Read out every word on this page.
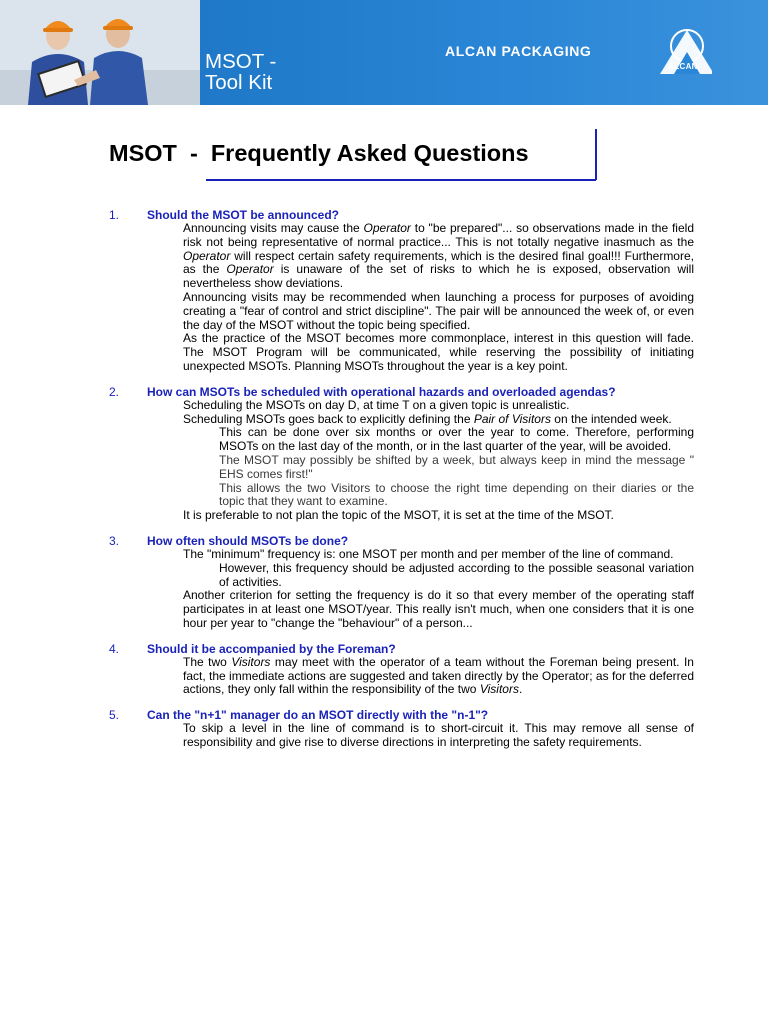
MSOT -
Tool Kit
ALCAN PACKAGING
ALCAN
MSOT  -  Frequently Asked Questions
1. Should the MSOT be announced?
Announcing visits may cause the Operator to "be prepared"... so observations made in the field risk not being representative of normal practice... This is not totally negative inasmuch as the Operator will respect certain safety requirements, which is the desired final goal!!! Furthermore, as the Operator is unaware of the set of risks to which he is exposed, observation will nevertheless show deviations.
Announcing visits may be recommended when launching a process for purposes of avoiding creating a "fear of control and strict discipline". The pair will be announced the week of, or even the day of the MSOT without the topic being specified.
As the practice of the MSOT becomes more commonplace, interest in this question will fade. The MSOT Program will be communicated, while reserving the possibility of initiating unexpected MSOTs. Planning MSOTs throughout the year is a key point.
2. How can MSOTs be scheduled with operational hazards and overloaded agendas?
Scheduling the MSOTs on day D, at time T on a given topic is unrealistic.
Scheduling MSOTs goes back to explicitly defining the Pair of Visitors on the intended week.
This can be done over six months or over the year to come. Therefore, performing MSOTs on the last day of the month, or in the last quarter of the year, will be avoided.
The MSOT may possibly be shifted by a week, but always keep in mind the message " EHS comes first!"
This allows the two Visitors to choose the right time depending on their diaries or the topic that they want to examine.
It is preferable to not plan the topic of the MSOT, it is set at the time of the MSOT.
3. How often should MSOTs be done?
The "minimum" frequency is: one MSOT per month and per member of the line of command.
However, this frequency should be adjusted according to the possible seasonal variation of activities.
Another criterion for setting the frequency is do it so that every member of the operating staff participates in at least one MSOT/year. This really isn't much, when one considers that it is one hour per year to "change the "behaviour" of a person...
4. Should it be accompanied by the Foreman?
The two Visitors may meet with the operator of a team without the Foreman being present. In fact, the immediate actions are suggested and taken directly by the Operator; as for the deferred actions, they only fall within the responsibility of the two Visitors.
5. Can the "n+1" manager do an MSOT directly with the "n-1"?
To skip a level in the line of command is to short-circuit it. This may remove all sense of responsibility and give rise to diverse directions in interpreting the safety requirements.
